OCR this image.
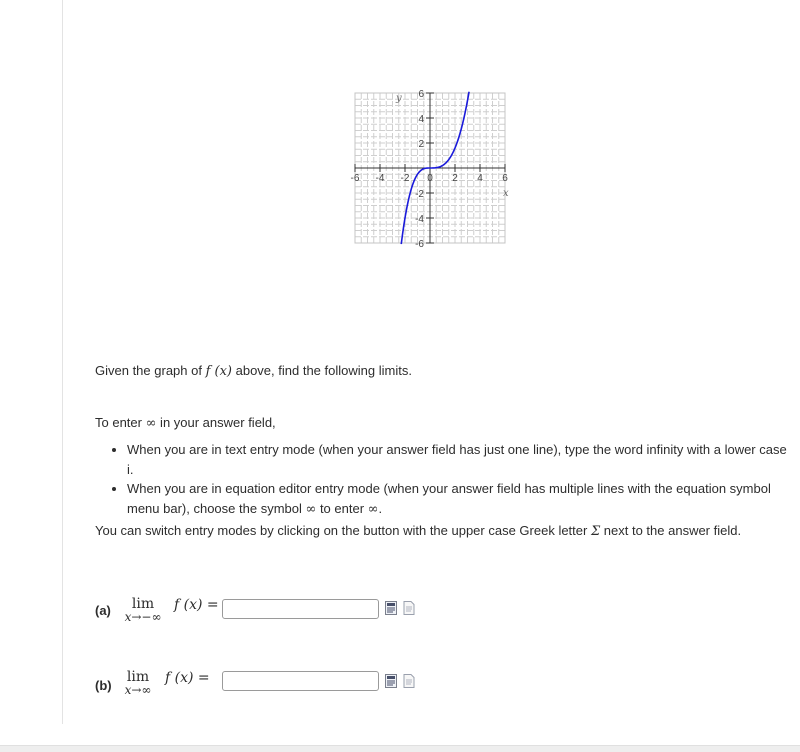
-6 -4 -2 0 2 4 6
6
4
2
-2
-4
-6
x
y
Given the graph of f (x) above, find the following limits.
To enter ∞ in your answer field,
• When you are in text entry mode (when your answer field has just one line), type the word infinity with a lower case i.
• When you are in equation editor entry mode (when your answer field has multiple lines with the equation symbol menu bar), choose the symbol ∞ to enter ∞.
You can switch entry modes by clicking on the button with the upper case Greek letter Σ next to the answer field.
(a)	lim
x→−∞
f (x) =
(b)
lim
x→∞
f (x) =
